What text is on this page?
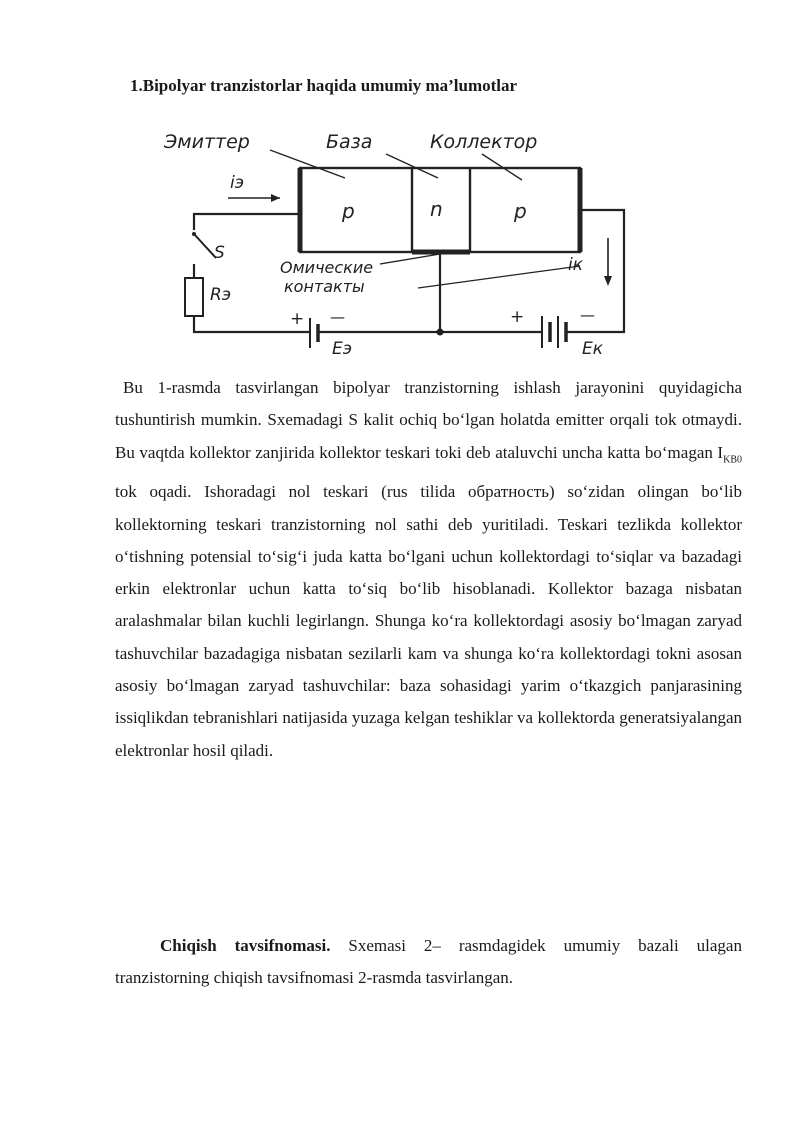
1.Bipolyar tranzistorlar haqida umumiy ma’lumotlar
Эмиттер	База	Коллектор
p	n	p
iэ
S
Rэ
+ —
Eэ
Омические
контакты
+	—
Eк
iк

Bu 1-rasmda tasvirlangan bipolyar tranzistorning ishlash jarayonini quyidagicha tushuntirish mumkin. Sxemadagi S kalit ochiq bo‘lgan holatda emitter orqali tok otmaydi. Bu vaqtda kollektor zanjirida kollektor teskari toki deb ataluvchi uncha katta bo‘magan $I_{KB0}$ tok oqadi. Ishoradagi nol teskari (rus tilida обратность) so‘zidan olingan bo‘lib kollektorning teskari tranzistorning nol sathi deb yuritiladi. Teskari tezlikda kollektor o‘tishning potensial to‘sig‘i juda katta bo‘lgani uchun kollektordagi to‘siqlar va bazadagi erkin elektronlar uchun katta to‘siq bo‘lib hisoblanadi. Kollektor bazaga nisbatan aralashmalar bilan kuchli legirlangn. Shunga ko‘ra kollektordagi asosiy bo‘lmagan zaryad tashuvchilar bazadagiga nisbatan sezilarli kam va shunga ko‘ra kollektordagi tokni asosan asosiy bo‘lmagan zaryad tashuvchilar: baza sohasidagi yarim o‘tkazgich panjarasining issiqlikdan tebranishlari natijasida yuzaga kelgan teshiklar va kollektorda generatsiyalangan elektronlar hosil qiladi.

Chiqish tavsifnomasi. Sxemasi 2– rasmdagidek umumiy bazali ulagan tranzistorning chiqish tavsifnomasi 2-rasmda tasvirlangan.
